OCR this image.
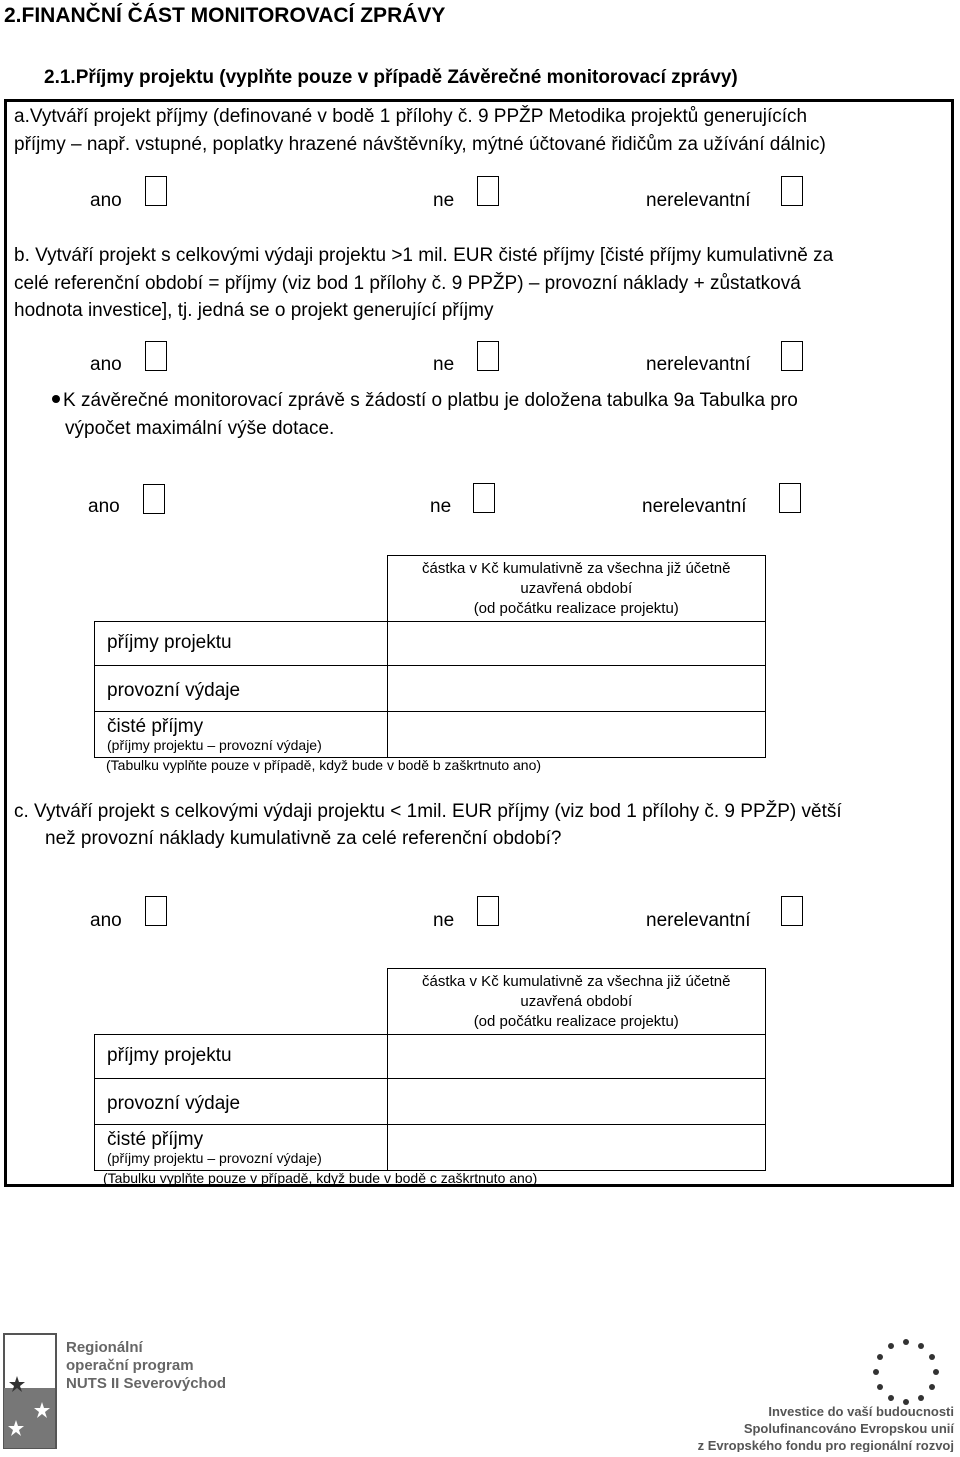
2.FINANČNÍ ČÁST MONITOROVACÍ ZPRÁVY
2.1.Příjmy projektu (vyplňte pouze v případě Závěrečné monitorovací zprávy)
a.Vytváří projekt příjmy (definované v bodě 1 přílohy č. 9 PPŽP Metodika projektů generujících
příjmy – např. vstupné, poplatky hrazené návštěvníky, mýtné účtované řidičům za užívání dálnic)
ano	ne	nerelevantní
b. Vytváří projekt s celkovými výdaji projektu >1 mil. EUR čisté příjmy [čisté příjmy kumulativně za
celé referenční období = příjmy (viz bod 1 přílohy č. 9 PPŽP) – provozní náklady + zůstatková
hodnota investice], tj. jedná se o projekt generující příjmy
ano	ne	nerelevantní
K závěrečné monitorovací zprávě s žádostí o platbu je doložena tabulka 9a Tabulka pro
výpočet maximální výše dotace.
ano	ne	nerelevantní

	částka v Kč kumulativně za všechna již účetně
uzavřená období
(od počátku realizace projektu)

příjmy projektu	
provozní výdaje	

čisté příjmy
(příjmy projektu – provozní výdaje)	

(Tabulku vyplňte pouze v případě, když bude v bodě b zaškrtnuto ano)
c. Vytváří projekt s celkovými výdaji projektu < 1mil. EUR příjmy (viz bod 1 přílohy č. 9 PPŽP) větší
než provozní náklady kumulativně za celé referenční období?
ano	ne	nerelevantní

	částka v Kč kumulativně za všechna již účetně
uzavřená období
(od počátku realizace projektu)

příjmy projektu	
provozní výdaje	

čisté příjmy
(příjmy projektu – provozní výdaje)	

(Tabulku vyplňte pouze v případě, když bude v bodě c zaškrtnuto ano)
Regionální
operační program
NUTS II Severovýchod
Investice do vaší budoucnosti
Spolufinancováno Evropskou unií
z Evropského fondu pro regionální rozvoj
